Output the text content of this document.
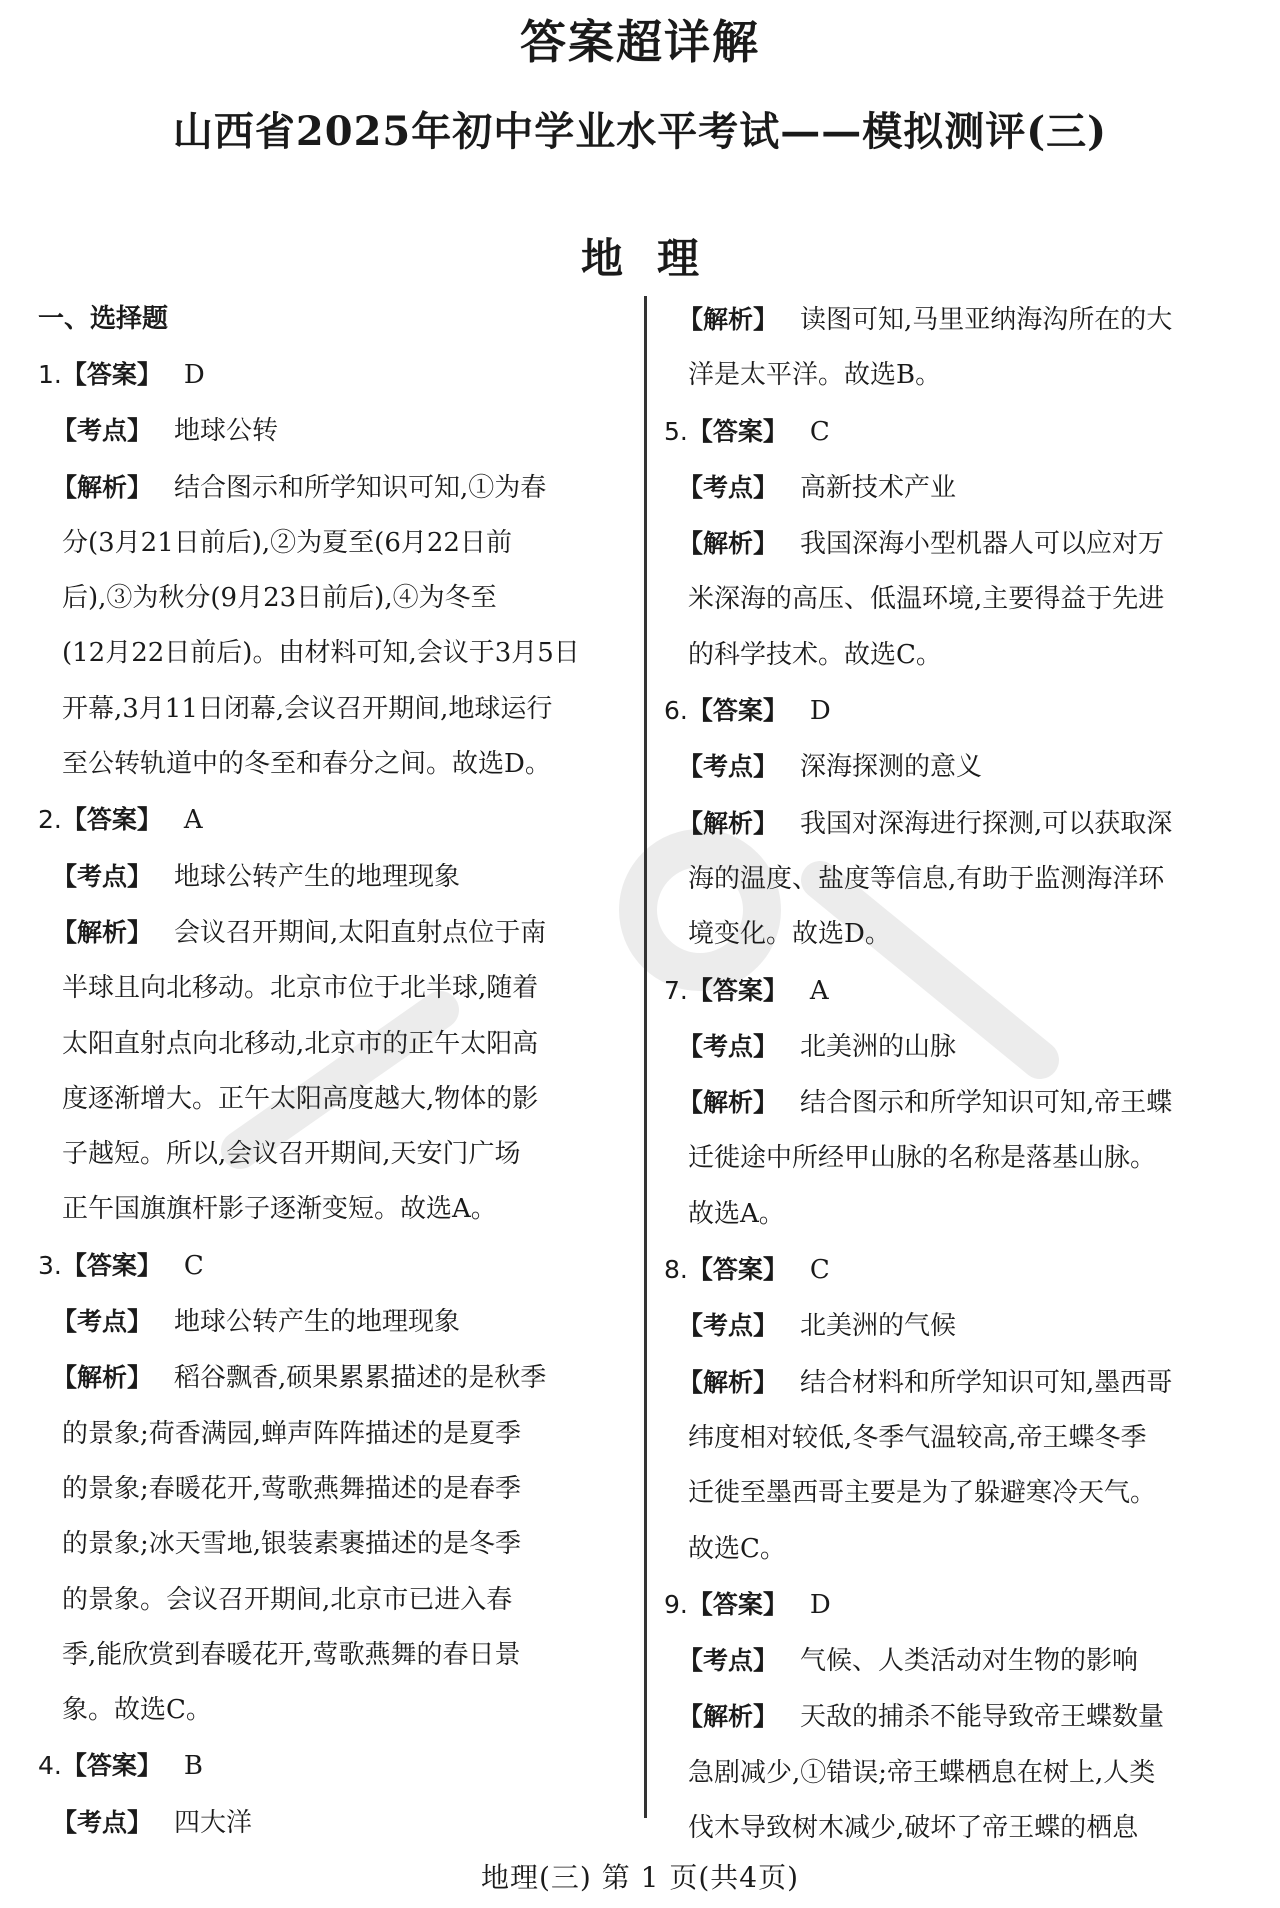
答案超详解
山西省2025年初中学业水平考试——模拟测评(三)
地理
一、选择题
1.【答案】 D
【考点】 地球公转
【解析】 结合图示和所学知识可知,①为春
分(3月21日前后),②为夏至(6月22日前
后),③为秋分(9月23日前后),④为冬至
(12月22日前后)。由材料可知,会议于3月5日
开幕,3月11日闭幕,会议召开期间,地球运行
至公转轨道中的冬至和春分之间。故选D。
2.【答案】 A
【考点】 地球公转产生的地理现象
【解析】 会议召开期间,太阳直射点位于南
半球且向北移动。北京市位于北半球,随着
太阳直射点向北移动,北京市的正午太阳高
度逐渐增大。正午太阳高度越大,物体的影
子越短。所以,会议召开期间,天安门广场
正午国旗旗杆影子逐渐变短。故选A。
3.【答案】 C
【考点】 地球公转产生的地理现象
【解析】 稻谷飘香,硕果累累描述的是秋季
的景象;荷香满园,蝉声阵阵描述的是夏季
的景象;春暖花开,莺歌燕舞描述的是春季
的景象;冰天雪地,银装素裹描述的是冬季
的景象。会议召开期间,北京市已进入春
季,能欣赏到春暖花开,莺歌燕舞的春日景
象。故选C。
4.【答案】 B
【考点】 四大洋
【解析】 读图可知,马里亚纳海沟所在的大
洋是太平洋。故选B。
5.【答案】 C
【考点】 高新技术产业
【解析】 我国深海小型机器人可以应对万
米深海的高压、低温环境,主要得益于先进
的科学技术。故选C。
6.【答案】 D
【考点】 深海探测的意义
【解析】 我国对深海进行探测,可以获取深
海的温度、盐度等信息,有助于监测海洋环
境变化。故选D。
7.【答案】 A
【考点】 北美洲的山脉
【解析】 结合图示和所学知识可知,帝王蝶
迁徙途中所经甲山脉的名称是落基山脉。
故选A。
8.【答案】 C
【考点】 北美洲的气候
【解析】 结合材料和所学知识可知,墨西哥
纬度相对较低,冬季气温较高,帝王蝶冬季
迁徙至墨西哥主要是为了躲避寒冷天气。
故选C。
9.【答案】 D
【考点】 气候、人类活动对生物的影响
【解析】 天敌的捕杀不能导致帝王蝶数量
急剧减少,①错误;帝王蝶栖息在树上,人类
伐木导致树木减少,破坏了帝王蝶的栖息
地理(三) 第 1 页(共4页)
